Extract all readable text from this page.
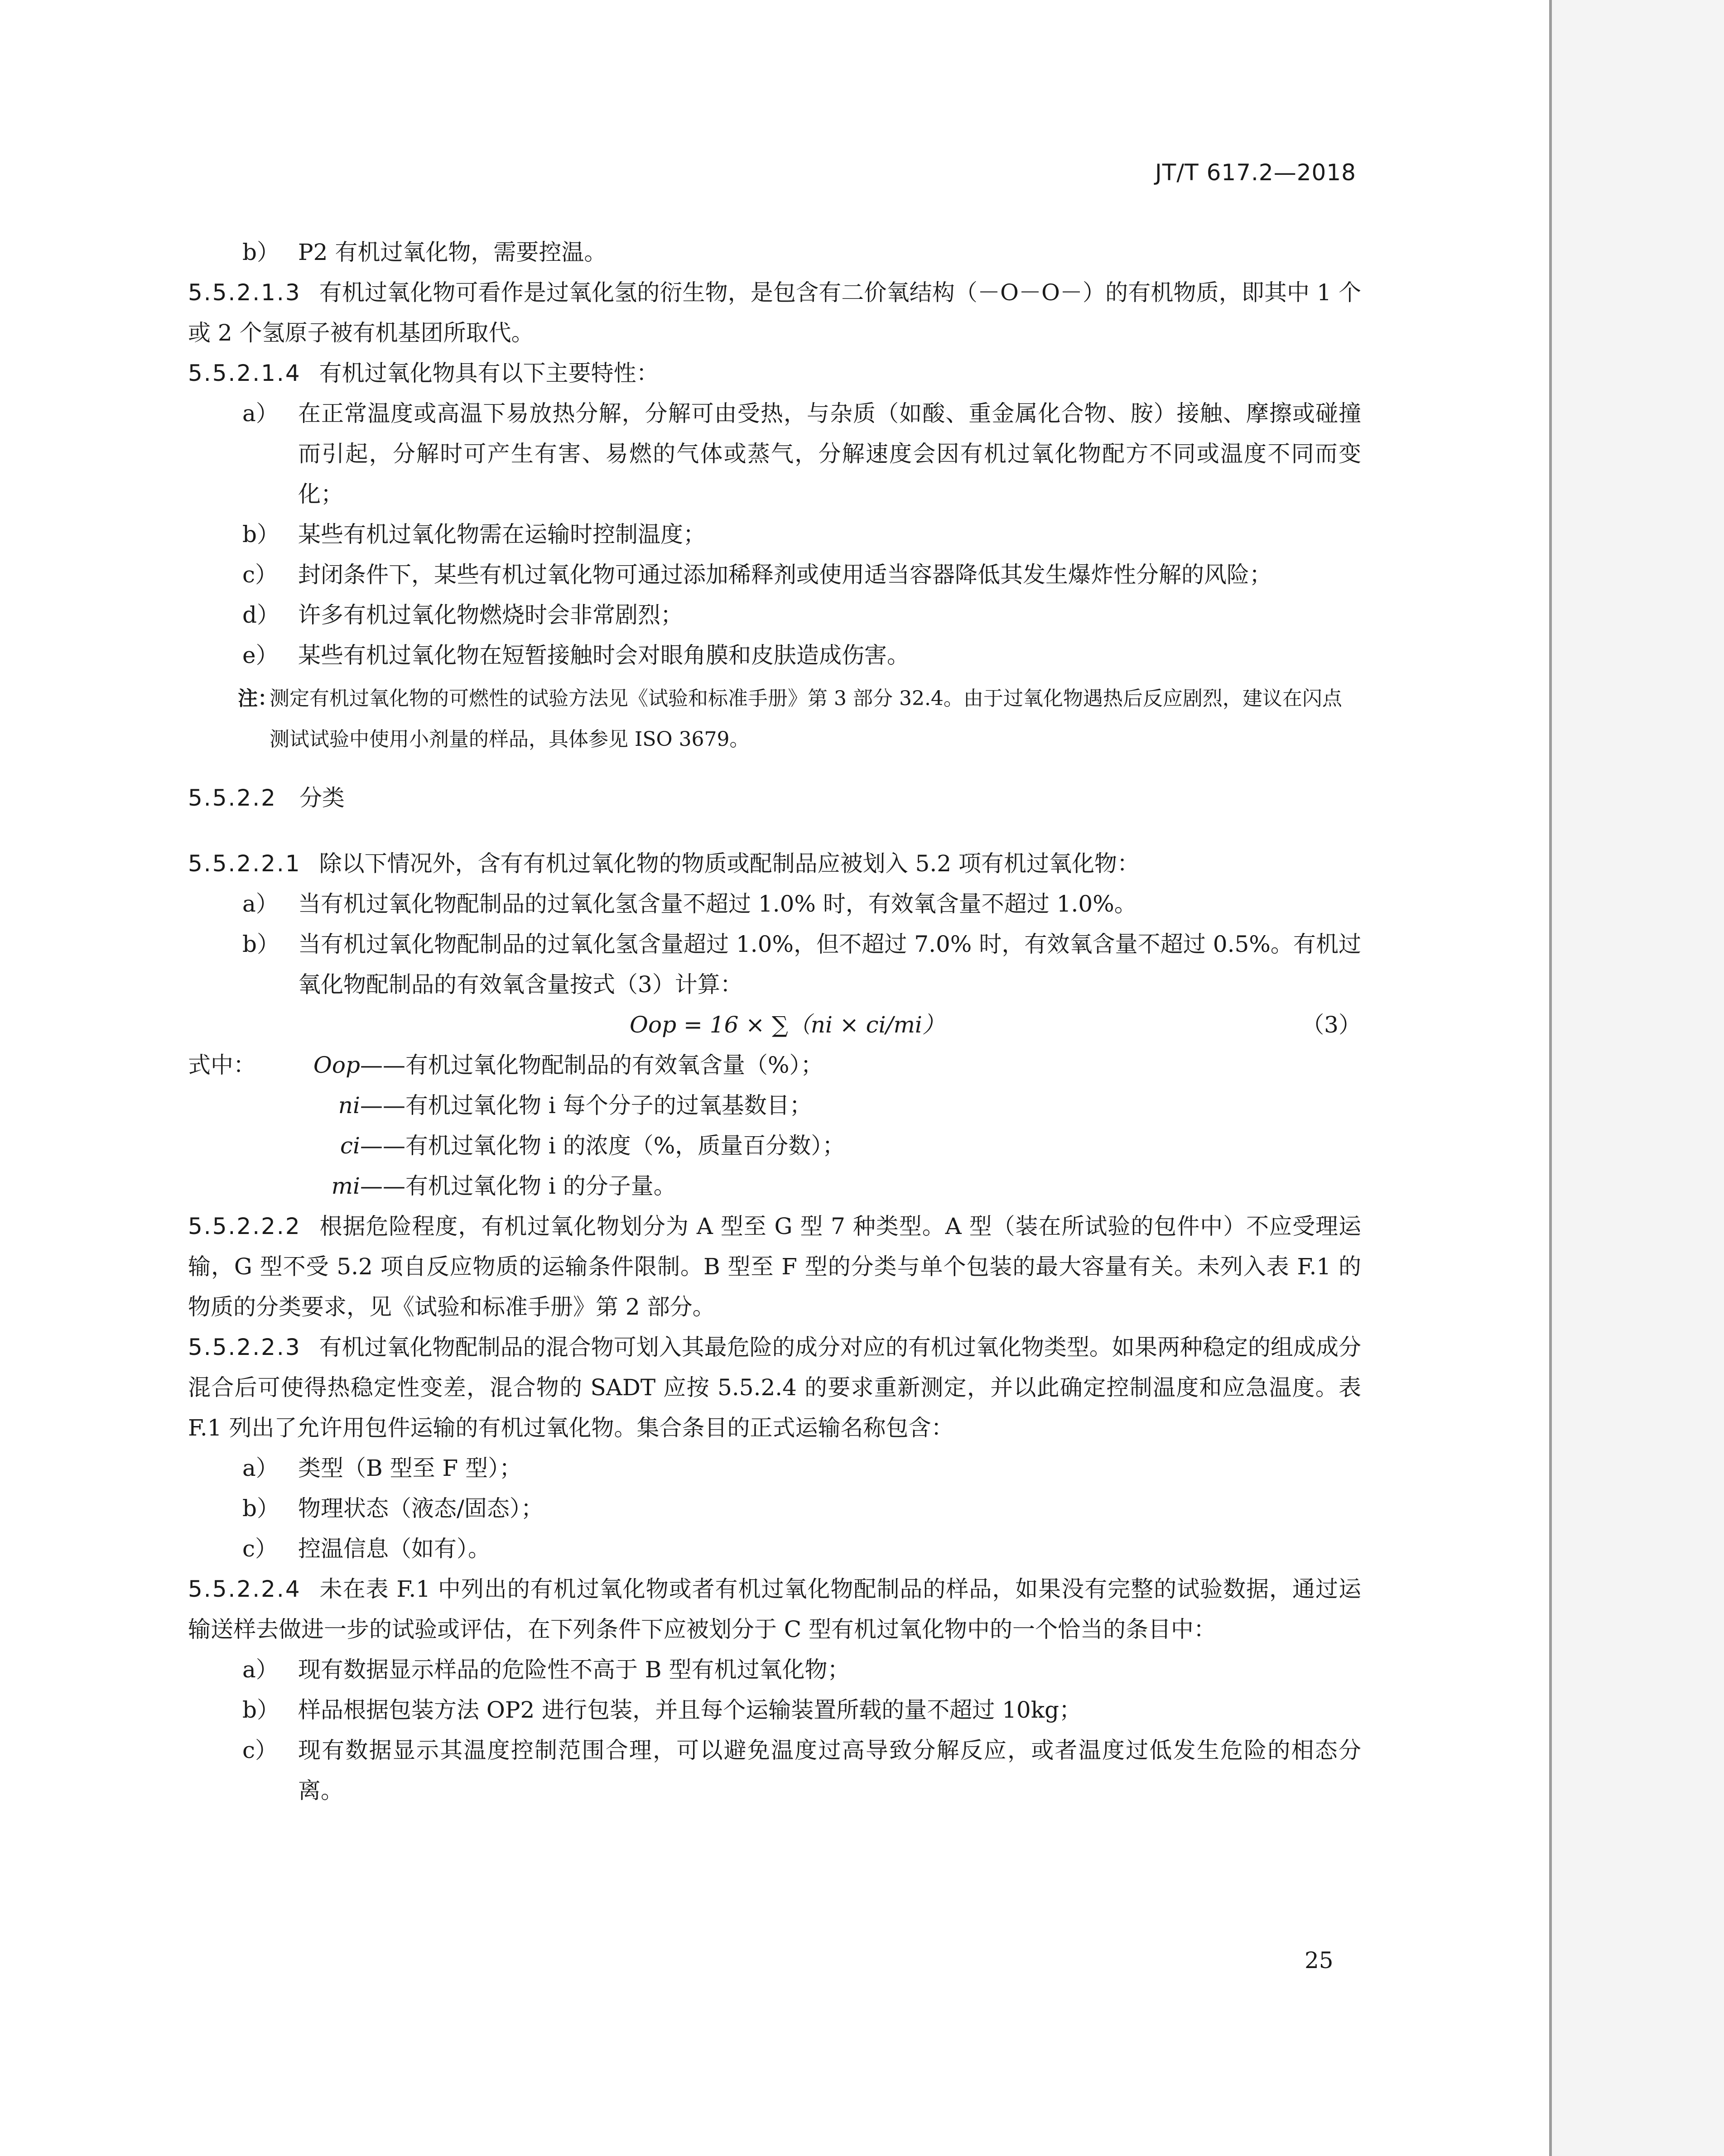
JT/T 617.2—2018

b） P2 有机过氧化物，需要控温。

5.5.2.1.3 有机过氧化物可看作是过氧化氢的衍生物，是包含有二价氧结构（－O－O－）的有机物质，即其中 1 个或 2 个氢原子被有机基团所取代。

5.5.2.1.4 有机过氧化物具有以下主要特性：

a） 在正常温度或高温下易放热分解，分解可由受热，与杂质（如酸、重金属化合物、胺）接触、摩擦或碰撞而引起，分解时可产生有害、易燃的气体或蒸气，分解速度会因有机过氧化物配方不同或温度不同而变化；

b） 某些有机过氧化物需在运输时控制温度；

c） 封闭条件下，某些有机过氧化物可通过添加稀释剂或使用适当容器降低其发生爆炸性分解的风险；

d） 许多有机过氧化物燃烧时会非常剧烈；

e） 某些有机过氧化物在短暂接触时会对眼角膜和皮肤造成伤害。

注：
测定有机过氧化物的可燃性的试验方法见《试验和标准手册》第 3 部分 32.4。由于过氧化物遇热后反应剧烈，建议在闪点测试试验中使用小剂量的样品，具体参见 ISO 3679。

5.5.2.2 分类

5.5.2.2.1 除以下情况外，含有有机过氧化物的物质或配制品应被划入 5.2 项有机过氧化物：

a） 当有机过氧化物配制品的过氧化氢含量不超过 1.0% 时，有效氧含量不超过 1.0%。

b） 当有机过氧化物配制品的过氧化氢含量超过 1.0%，但不超过 7.0% 时，有效氧含量不超过 0.5%。有机过氧化物配制品的有效氧含量按式（3）计算：

Oop = 16 × ∑（ni × ci/mi）	（3）
式中：	Oop ——有机过氧化物配制品的有效氧含量（%）；
ni ——有机过氧化物 i 每个分子的过氧基数目；
ci ——有机过氧化物 i 的浓度（%，质量百分数）；
mi ——有机过氧化物 i 的分子量。

5.5.2.2.2 根据危险程度，有机过氧化物划分为 A 型至 G 型 7 种类型。A 型（装在所试验的包件中）不应受理运输，G 型不受 5.2 项自反应物质的运输条件限制。B 型至 F 型的分类与单个包装的最大容量有关。未列入表 F.1 的物质的分类要求，见《试验和标准手册》第 2 部分。

5.5.2.2.3 有机过氧化物配制品的混合物可划入其最危险的成分对应的有机过氧化物类型。如果两种稳定的组成成分混合后可使得热稳定性变差，混合物的 SADT 应按 5.5.2.4 的要求重新测定，并以此确定控制温度和应急温度。表 F.1 列出了允许用包件运输的有机过氧化物。集合条目的正式运输名称包含：

a） 类型（B 型至 F 型）；

b） 物理状态（液态/固态）；

c） 控温信息（如有）。

5.5.2.2.4 未在表 F.1 中列出的有机过氧化物或者有机过氧化物配制品的样品，如果没有完整的试验数据，通过运输送样去做进一步的试验或评估，在下列条件下应被划分于 C 型有机过氧化物中的一个恰当的条目中：

a） 现有数据显示样品的危险性不高于 B 型有机过氧化物；

b） 样品根据包装方法 OP2 进行包装，并且每个运输装置所载的量不超过 10kg；

c） 现有数据显示其温度控制范围合理，可以避免温度过高导致分解反应，或者温度过低发生危险的相态分离。

25
